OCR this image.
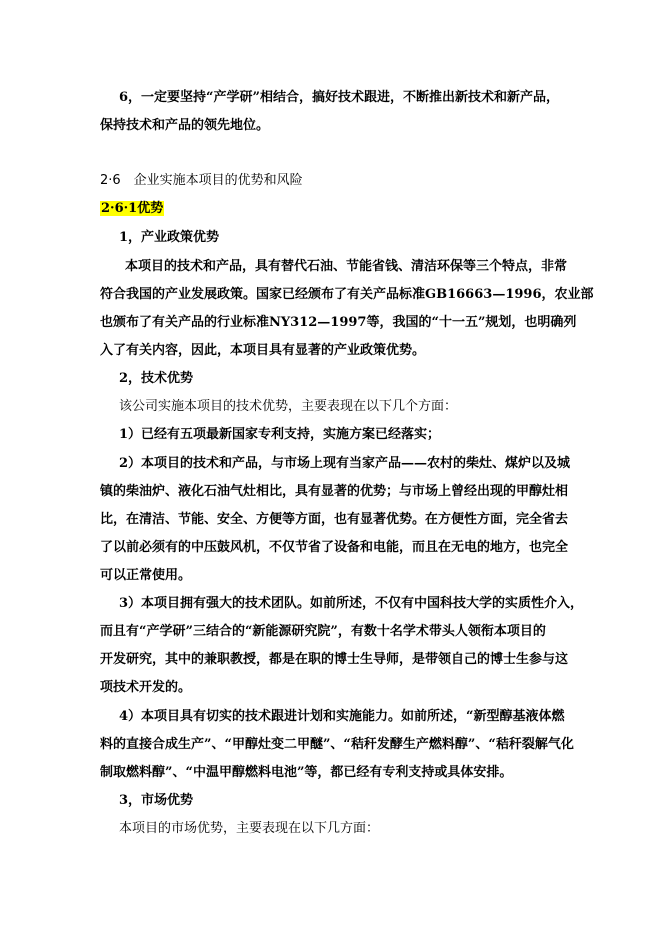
6，一定要坚持“产学研”相结合，搞好技术跟进，不断推出新技术和新产品，
保持技术和产品的领先地位。
2·6　企业实施本项目的优势和风险
2·6·1优势
1，产业政策优势
本项目的技术和产品，具有替代石油、节能省钱、清洁环保等三个特点，非常
符合我国的产业发展政策。国家已经颁布了有关产品标准GB16663—1996，农业部
也颁布了有关产品的行业标准NY312—1997等，我国的“十一五”规划，也明确列
入了有关内容，因此，本项目具有显著的产业政策优势。
2，技术优势
该公司实施本项目的技术优势，主要表现在以下几个方面：
1）已经有五项最新国家专利支持，实施方案已经落实；
2）本项目的技术和产品，与市场上现有当家产品——农村的柴灶、煤炉以及城
镇的柴油炉、液化石油气灶相比，具有显著的优势；与市场上曾经出现的甲醇灶相
比，在清洁、节能、安全、方便等方面，也有显著优势。在方便性方面，完全省去
了以前必须有的中压鼓风机，不仅节省了设备和电能，而且在无电的地方，也完全
可以正常使用。
3）本项目拥有强大的技术团队。如前所述，不仅有中国科技大学的实质性介入，
而且有“产学研”三结合的“新能源研究院”，有数十名学术带头人领衔本项目的
开发研究，其中的兼职教授，都是在职的博士生导师，是带领自己的博士生参与这
项技术开发的。
4）本项目具有切实的技术跟进计划和实施能力。如前所述，“新型醇基液体燃
料的直接合成生产”、“甲醇灶变二甲醚”、“秸秆发酵生产燃料醇”、“秸秆裂解气化
制取燃料醇”、“中温甲醇燃料电池”等，都已经有专利支持或具体安排。
3，市场优势
本项目的市场优势，主要表现在以下几方面：
